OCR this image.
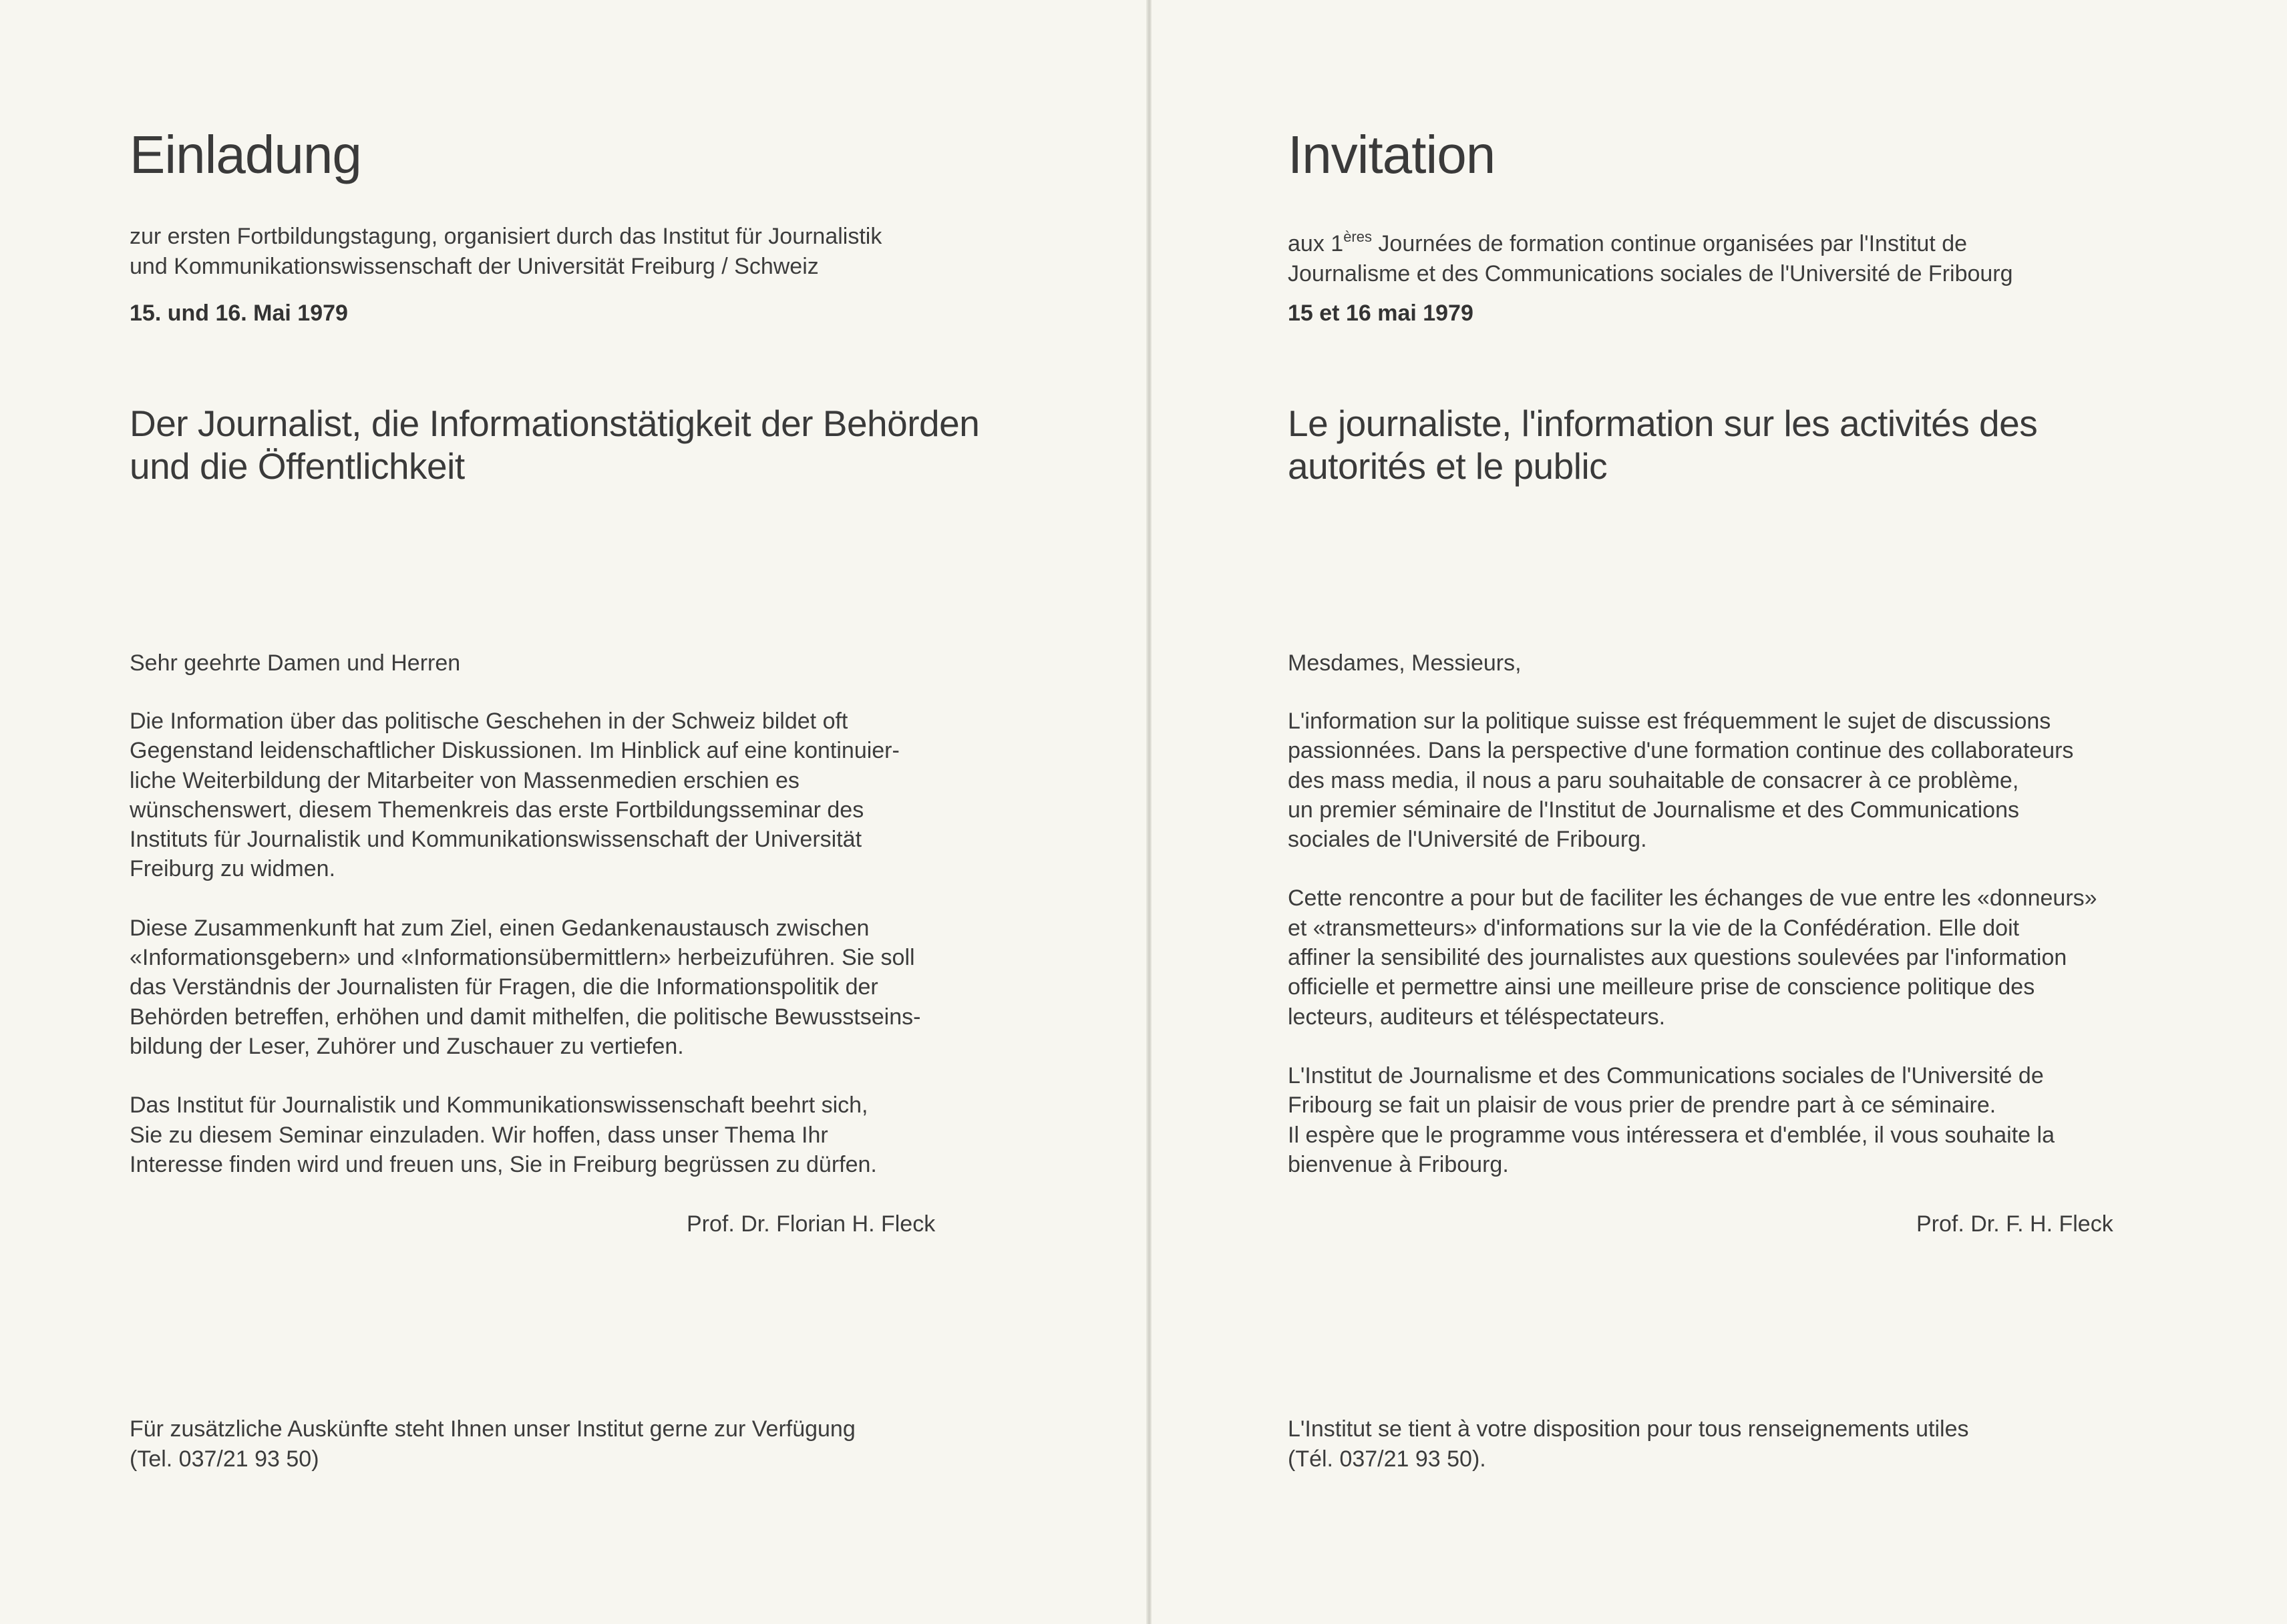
Einladung
zur ersten Fortbildungstagung, organisiert durch das Institut für Journalistik
und Kommunikationswissenschaft der Universität Freiburg / Schweiz
15. und 16. Mai 1979
Der Journalist, die Informationstätigkeit der Behörden
und die Öffentlichkeit
Sehr geehrte Damen und Herren

Die Information über das politische Geschehen in der Schweiz bildet oft
Gegenstand leidenschaftlicher Diskussionen. Im Hinblick auf eine kontinuier-
liche Weiterbildung der Mitarbeiter von Massenmedien erschien es
wünschenswert, diesem Themenkreis das erste Fortbildungsseminar des
Instituts für Journalistik und Kommunikationswissenschaft der Universität
Freiburg zu widmen.

Diese Zusammenkunft hat zum Ziel, einen Gedankenaustausch zwischen
«Informationsgebern» und «Informationsübermittlern» herbeizuführen. Sie soll
das Verständnis der Journalisten für Fragen, die die Informationspolitik der
Behörden betreffen, erhöhen und damit mithelfen, die politische Bewusstseins-
bildung der Leser, Zuhörer und Zuschauer zu vertiefen.

Das Institut für Journalistik und Kommunikationswissenschaft beehrt sich,
Sie zu diesem Seminar einzuladen. Wir hoffen, dass unser Thema Ihr
Interesse finden wird und freuen uns, Sie in Freiburg begrüssen zu dürfen.

Prof. Dr. Florian H. Fleck
Für zusätzliche Auskünfte steht Ihnen unser Institut gerne zur Verfügung
(Tel. 037/21 93 50)
Invitation
aux 1ères Journées de formation continue organisées par l'Institut de
Journalisme et des Communications sociales de l'Université de Fribourg
15 et 16 mai 1979
Le journaliste, l'information sur les activités des
autorités et le public
Mesdames, Messieurs,

L'information sur la politique suisse est fréquemment le sujet de discussions
passionnées. Dans la perspective d'une formation continue des collaborateurs
des mass media, il nous a paru souhaitable de consacrer à ce problème,
un premier séminaire de l'Institut de Journalisme et des Communications
sociales de l'Université de Fribourg.

Cette rencontre a pour but de faciliter les échanges de vue entre les «donneurs»
et «transmetteurs» d'informations sur la vie de la Confédération. Elle doit
affiner la sensibilité des journalistes aux questions soulevées par l'information
officielle et permettre ainsi une meilleure prise de conscience politique des
lecteurs, auditeurs et téléspectateurs.

L'Institut de Journalisme et des Communications sociales de l'Université de
Fribourg se fait un plaisir de vous prier de prendre part à ce séminaire.
Il espère que le programme vous intéressera et d'emblée, il vous souhaite la
bienvenue à Fribourg.

Prof. Dr. F. H. Fleck
L'Institut se tient à votre disposition pour tous renseignements utiles
(Tél. 037/21 93 50).
